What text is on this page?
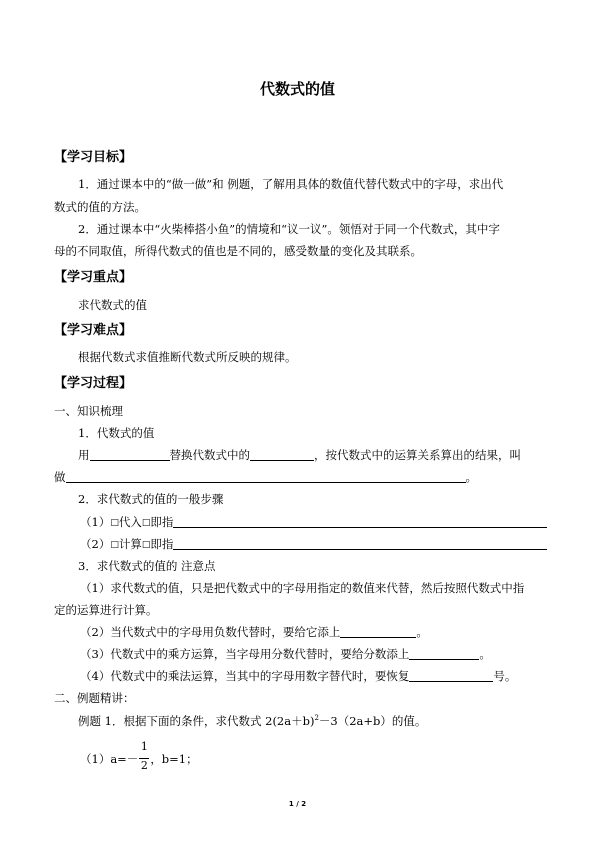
代数式的值
【学习目标】
1．通过课本中的“做一做”和 例题，了解用具体的数值代替代数式中的字母，求出代
数式的值的方法。
2．通过课本中“火柴棒搭小鱼”的情境和“议一议”。领悟对于同一个代数式，其中字
母的不同取值，所得代数式的值也是不同的，感受数量的变化及其联系。
【学习重点】
求代数式的值
【学习难点】
根据代数式求值推断代数式所反映的规律。
【学习过程】
一、知识梳理
1．代数式的值
用	替换代数式中的	，按代数式中的运算关系算出的结果，叫
做	。
2．求代数式的值的一般步骤
（1）□代入□即指
（2）□计算□即指
3．求代数式的值的 注意点
（1）求代数式的值，只是把代数式中的字母用指定的数值来代替，然后按照代数式中指
定的运算进行计算。
（2）当代数式中的字母用负数代替时，要给它添上	。
（3）代数式中的乘方运算，当字母用分数代替时，要给分数添上	。
（4）代数式中的乘法运算，当其中的字母用数字替代时，要恢复	号。
二、例题精讲：
例题 1．根据下面的条件，求代数式 $2(2a+b)^2-3(2a+b)$的值。
$(1)a=- \frac{1}{2}$ ，b=1；
1 / 2
